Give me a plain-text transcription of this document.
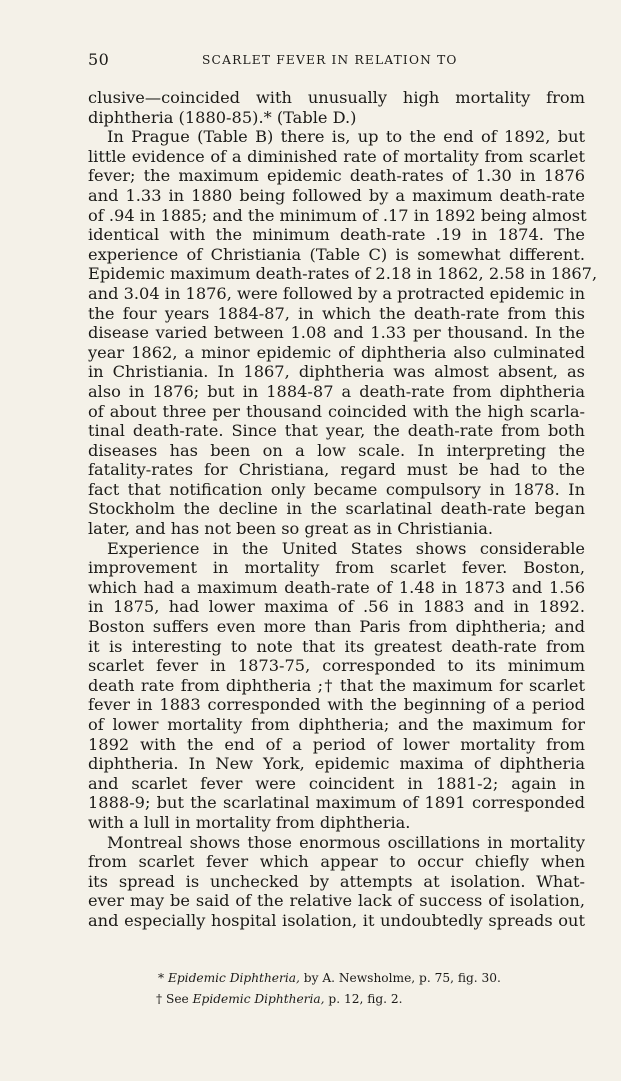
50	SCARLET FEVER IN RELATION TO
clusive—coincided with unusually high mortality from
diphtheria (1880-85).* (Table D.)
In Prague (Table B) there is, up to the end of 1892, but
little evidence of a diminished rate of mortality from scarlet
fever; the maximum epidemic death-rates of 1.30 in 1876
and 1.33 in 1880 being followed by a maximum death-rate
of .94 in 1885; and the minimum of .17 in 1892 being almost
identical with the minimum death-rate .19 in 1874. The
experience of Christiania (Table C) is somewhat different.
Epidemic maximum death-rates of 2.18 in 1862, 2.58 in 1867,
and 3.04 in 1876, were followed by a protracted epidemic in
the four years 1884-87, in which the death-rate from this
disease varied between 1.08 and 1.33 per thousand. In the
year 1862, a minor epidemic of diphtheria also culminated
in Christiania. In 1867, diphtheria was almost absent, as
also in 1876; but in 1884-87 a death-rate from diphtheria
of about three per thousand coincided with the high scarla-
tinal death-rate. Since that year, the death-rate from both
diseases has been on a low scale. In interpreting the
fatality-rates for Christiana, regard must be had to the
fact that notification only became compulsory in 1878. In
Stockholm the decline in the scarlatinal death-rate began
later, and has not been so great as in Christiania.
Experience in the United States shows considerable
improvement in mortality from scarlet fever. Boston,
which had a maximum death-rate of 1.48 in 1873 and 1.56
in 1875, had lower maxima of .56 in 1883 and in 1892.
Boston suffers even more than Paris from diphtheria; and
it is interesting to note that its greatest death-rate from
scarlet fever in 1873-75, corresponded to its minimum
death rate from diphtheria ;† that the maximum for scarlet
fever in 1883 corresponded with the beginning of a period
of lower mortality from diphtheria; and the maximum for
1892 with the end of a period of lower mortality from
diphtheria. In New York, epidemic maxima of diphtheria
and scarlet fever were coincident in 1881-2; again in
1888-9; but the scarlatinal maximum of 1891 corresponded
with a lull in mortality from diphtheria.
Montreal shows those enormous oscillations in mortality
from scarlet fever which appear to occur chiefly when
its spread is unchecked by attempts at isolation. What-
ever may be said of the relative lack of success of isolation,
and especially hospital isolation, it undoubtedly spreads out
* Epidemic Diphtheria, by A. Newsholme, p. 75, fig. 30.
† See Epidemic Diphtheria, p. 12, fig. 2.
